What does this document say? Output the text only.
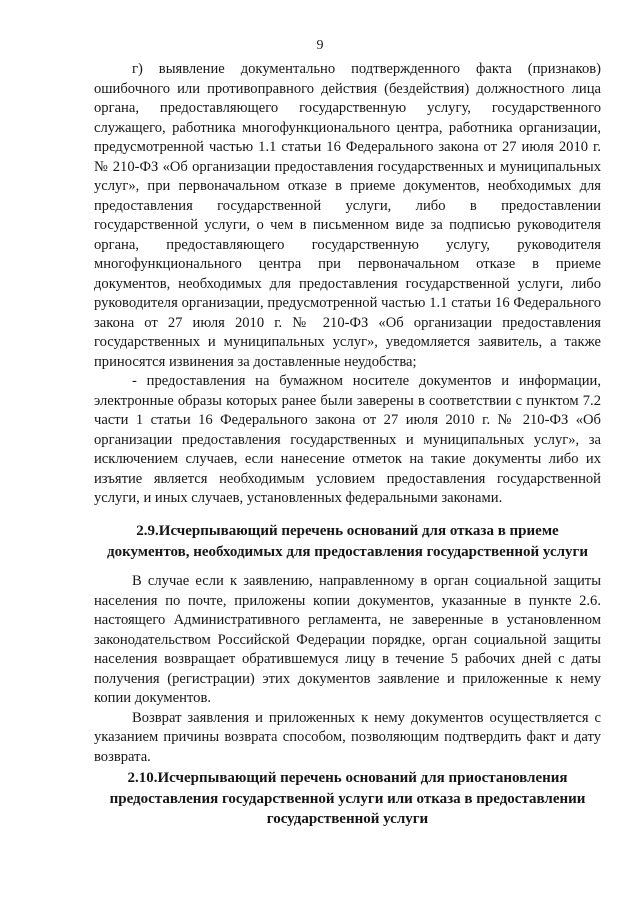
9

г) выявление документально подтвержденного факта (признаков) ошибочного или противоправного действия (бездействия) должностного лица органа, предоставляющего государственную услугу, государственного служащего, работника многофункционального центра, работника организации, предусмотренной частью 1.1 статьи 16 Федерального закона от 27 июля 2010 г. № 210-ФЗ «Об организации предоставления государственных и муниципальных услуг», при первоначальном отказе в приеме документов, необходимых для предоставления государственной услуги, либо в предоставлении государственной услуги, о чем в письменном виде за подписью руководителя органа, предоставляющего государственную услугу, руководителя многофункционального центра при первоначальном отказе в приеме документов, необходимых для предоставления государственной услуги, либо руководителя организации, предусмотренной частью 1.1 статьи 16 Федерального закона от 27 июля 2010 г. № 210-ФЗ «Об организации предоставления государственных и муниципальных услуг», уведомляется заявитель, а также приносятся извинения за доставленные неудобства;

- предоставления на бумажном носителе документов и информации, электронные образы которых ранее были заверены в соответствии с пунктом 7.2 части 1 статьи 16 Федерального закона от 27 июля 2010 г. № 210-ФЗ «Об организации предоставления государственных и муниципальных услуг», за исключением случаев, если нанесение отметок на такие документы либо их изъятие является необходимым условием предоставления государственной услуги, и иных случаев, установленных федеральными законами.

2.9.Исчерпывающий перечень оснований для отказа в приеме документов, необходимых для предоставления государственной услуги

В случае если к заявлению, направленному в орган социальной защиты населения по почте, приложены копии документов, указанные в пункте 2.6. настоящего Административного регламента, не заверенные в установленном законодательством Российской Федерации порядке, орган социальной защиты населения возвращает обратившемуся лицу в течение 5 рабочих дней с даты получения (регистрации) этих документов заявление и приложенные к нему копии документов.

Возврат заявления и приложенных к нему документов осуществляется с указанием причины возврата способом, позволяющим подтвердить факт и дату возврата.

2.10.Исчерпывающий перечень оснований для приостановления предоставления государственной услуги или отказа в предоставлении государственной услуги
